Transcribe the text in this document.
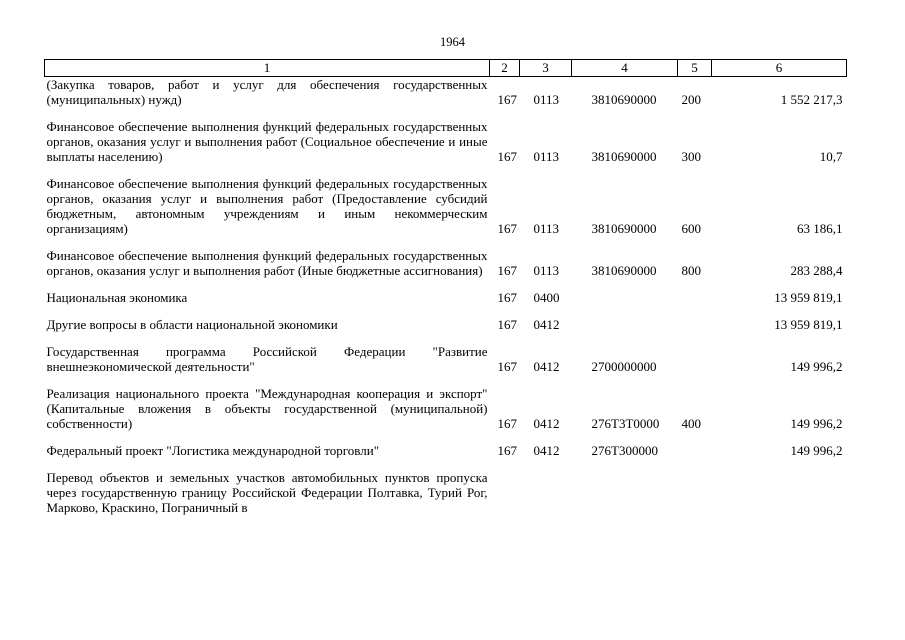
1964
1	2	3	4	5	6
(Закупка товаров, работ и услуг для обеспечения государственных (муниципальных) нужд)	167	0113	3810690000	200	1 552 217,3

Финансовое обеспечение выполнения функций федеральных государственных органов, оказания услуг и выполнения работ (Социальное обеспечение и иные выплаты населению)	167	0113	3810690000	300	10,7

Финансовое обеспечение выполнения функций федеральных государственных органов, оказания услуг и выполнения работ (Предоставление субсидий бюджетным, автономным учреждениям и иным некоммерческим организациям)	167	0113	3810690000	600	63 186,1

Финансовое обеспечение выполнения функций федеральных государственных органов, оказания услуг и выполнения работ (Иные бюджетные ассигнования)	167	0113	3810690000	800	283 288,4

Национальная экономика	167	0400			13 959 819,1

Другие вопросы в области национальной экономики	167	0412			13 959 819,1

Государственная программа Российской Федерации "Развитие внешнеэкономической деятельности"	167	0412	2700000000		149 996,2

Реализация национального проекта "Международная кооперация и экспорт" (Капитальные вложения в объекты государственной (муниципальной) собственности)	167	0412	276Т3Т0000	400	149 996,2

Федеральный проект "Логистика международной торговли"	167	0412	276Т300000		149 996,2

Перевод объектов и земельных участков автомобильных пунктов пропуска через государственную границу Российской Федерации Полтавка, Турий Рог, Марково, Краскино, Пограничный в					
